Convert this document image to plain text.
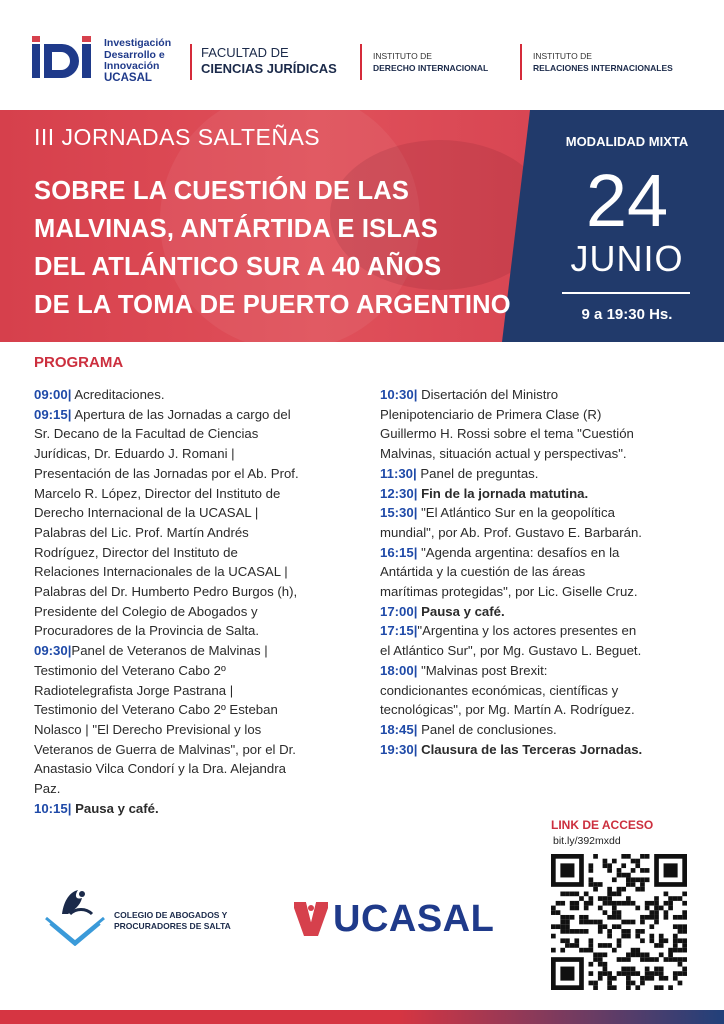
Investigación
Desarrollo e
Innovación
UCASAL
FACULTAD DE
CIENCIAS JURÍDICAS
INSTITUTO DE
DERECHO INTERNACIONAL
INSTITUTO DE
RELACIONES INTERNACIONALES
III JORNADAS SALTEÑAS
SOBRE LA CUESTIÓN DE LAS
MALVINAS, ANTÁRTIDA E ISLAS
DEL ATLÁNTICO SUR A 40 AÑOS
DE LA TOMA DE PUERTO ARGENTINO
MODALIDAD MIXTA
24
JUNIO
9 a 19:30 Hs.
PROGRAMA
09:00| Acreditaciones.
09:15| Apertura de las Jornadas a cargo del
Sr. Decano de la Facultad de Ciencias
Jurídicas, Dr. Eduardo J. Romani |
Presentación de las Jornadas por el Ab. Prof.
Marcelo R. López, Director del Instituto de
Derecho Internacional de la UCASAL |
Palabras del Lic. Prof. Martín Andrés
Rodríguez, Director del Instituto de
Relaciones Internacionales de la UCASAL |
Palabras del Dr. Humberto Pedro Burgos (h),
Presidente del Colegio de Abogados y
Procuradores de la Provincia de Salta.
09:30|Panel de Veteranos de Malvinas |
Testimonio del Veterano Cabo 2º
Radiotelegrafista Jorge Pastrana |
Testimonio del Veterano Cabo 2º Esteban
Nolasco | "El Derecho Previsional y los
Veteranos de Guerra de Malvinas", por el Dr.
Anastasio Vilca Condorí y la Dra. Alejandra
Paz.
10:15| Pausa y café.
10:30| Disertación del Ministro
Plenipotenciario de Primera Clase (R)
Guillermo H. Rossi sobre el tema "Cuestión
Malvinas, situación actual y perspectivas".
11:30| Panel de preguntas.
12:30| Fin de la jornada matutina.
15:30| "El Atlántico Sur en la geopolítica
mundial", por Ab. Prof. Gustavo E. Barbarán.
16:15| "Agenda argentina: desafíos en la
Antártida y la cuestión de las áreas
marítimas protegidas", por Lic. Giselle Cruz.
17:00| Pausa y café.
17:15|"Argentina y los actores presentes en
el Atlántico Sur", por Mg. Gustavo L. Beguet.
18:00| "Malvinas post Brexit:
condicionantes económicas, científicas y
tecnológicas", por Mg. Martín A. Rodríguez.
18:45| Panel de conclusiones.
19:30| Clausura de las Terceras Jornadas.
LINK DE ACCESO
bit.ly/392mxdd
COLEGIO DE ABOGADOS Y
PROCURADORES DE SALTA	UCASAL
